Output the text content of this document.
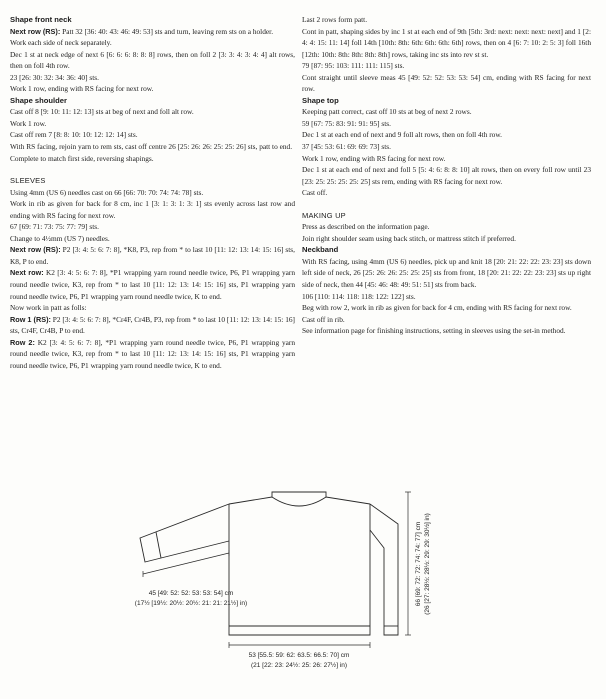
Shape front neck

Next row (RS): Patt 32 [36: 40: 43: 46: 49: 53] sts and turn, leaving rem sts on a holder.

Work each side of neck separately.

Dec 1 st at neck edge of next 6 [6: 6: 6: 8: 8: 8] rows, then on foll 2 [3: 3: 4: 3: 4: 4] alt rows, then on foll 4th row.

23 [26: 30: 32: 34: 36: 40] sts.

Work 1 row, ending with RS facing for next row.

Shape shoulder

Cast off 8 [9: 10: 11: 12: 13] sts at beg of next and foll alt row.

Work 1 row.

Cast off rem 7 [8: 8: 10: 10: 12: 12: 14] sts.

With RS facing, rejoin yarn to rem sts, cast off centre 26 [25: 26: 26: 25: 25: 26] sts, patt to end.

Complete to match first side, reversing shapings.

SLEEVES

Using 4mm (US 6) needles cast on 66 [66: 70: 70: 74: 74: 78] sts.

Work in rib as given for back for 8 cm, inc 1 [3: 1: 3: 1: 3: 1] sts evenly across last row and ending with RS facing for next row.

67 [69: 71: 73: 75: 77: 79] sts.

Change to 4½mm (US 7) needles.

Next row (RS): P2 [3: 4: 5: 6: 7: 8], *K8, P3, rep from * to last 10 [11: 12: 13: 14: 15: 16] sts, K8, P to end.

Next row: K2 [3: 4: 5: 6: 7: 8], *P1 wrapping yarn round needle twice, P6, P1 wrapping yarn round needle twice, K3, rep from * to last 10 [11: 12: 13: 14: 15: 16] sts, P1 wrapping yarn round needle twice, P6, P1 wrapping yarn round needle twice, K to end.

Now work in patt as folls:

Row 1 (RS): P2 [3: 4: 5: 6: 7: 8], *Cr4F, Cr4B, P3, rep from * to last 10 [11: 12: 13: 14: 15: 16] sts, Cr4F, Cr4B, P to end.

Row 2: K2 [3: 4: 5: 6: 7: 8], *P1 wrapping yarn round needle twice, P6, P1 wrapping yarn round needle twice, K3, rep from * to last 10 [11: 12: 13: 14: 15: 16] sts, P1 wrapping yarn round needle twice, P6, P1 wrapping yarn round needle twice, K to end.

Last 2 rows form patt.

Cont in patt, shaping sides by inc 1 st at each end of 9th [5th: 3rd: next: next: next: next] and 1 [2: 4: 4: 15: 11: 14] foll 14th [10th: 8th: 6th: 6th: 6th: 6th] rows, then on 4 [6: 7: 10: 2: 5: 3] foll 16th [12th: 10th: 8th: 8th: 8th: 8th] rows, taking inc sts into rev st st.

79 [87: 95: 103: 111: 111: 115] sts.

Cont straight until sleeve meas 45 [49: 52: 52: 53: 53: 54] cm, ending with RS facing for next row.

Shape top

Keeping patt correct, cast off 10 sts at beg of next 2 rows.

59 [67: 75: 83: 91: 91: 95] sts.

Dec 1 st at each end of next and 9 foll alt rows, then on foll 4th row.

37 [45: 53: 61: 69: 69: 73] sts.

Work 1 row, ending with RS facing for next row.

Dec 1 st at each end of next and foll 5 [5: 4: 6: 8: 8: 10] alt rows, then on every foll row until 23 [23: 25: 25: 25: 25: 25] sts rem, ending with RS facing for next row.

Cast off.

MAKING UP

Press as described on the information page.

Join right shoulder seam using back stitch, or mattress stitch if preferred.

Neckband

With RS facing, using 4mm (US 6) needles, pick up and knit 18 [20: 21: 22: 22: 23: 23] sts down left side of neck, 26 [25: 26: 26: 25: 25: 25] sts from front, 18 [20: 21: 22: 22: 23: 23] sts up right side of neck, then 44 [45: 46: 48: 49: 51: 51] sts from back.

106 [110: 114: 118: 118: 122: 122] sts.

Beg with row 2, work in rib as given for back for 4 cm, ending with RS facing for next row.

Cast off in rib.

See information page for finishing instructions, setting in sleeves using the set-in method.

45 [49: 52: 52: 53: 53: 54] cm
(17½ [19½: 20½: 20½: 21: 21: 21½] in)	66 [69: 72: 72: 74: 74: 77] cm (26 [27: 28½: 28½: 29: 29: 30½] in)
53 [55.5: 59: 62: 63.5: 66.5: 70] cm
(21 [22: 23: 24½: 25: 26: 27½] in)
